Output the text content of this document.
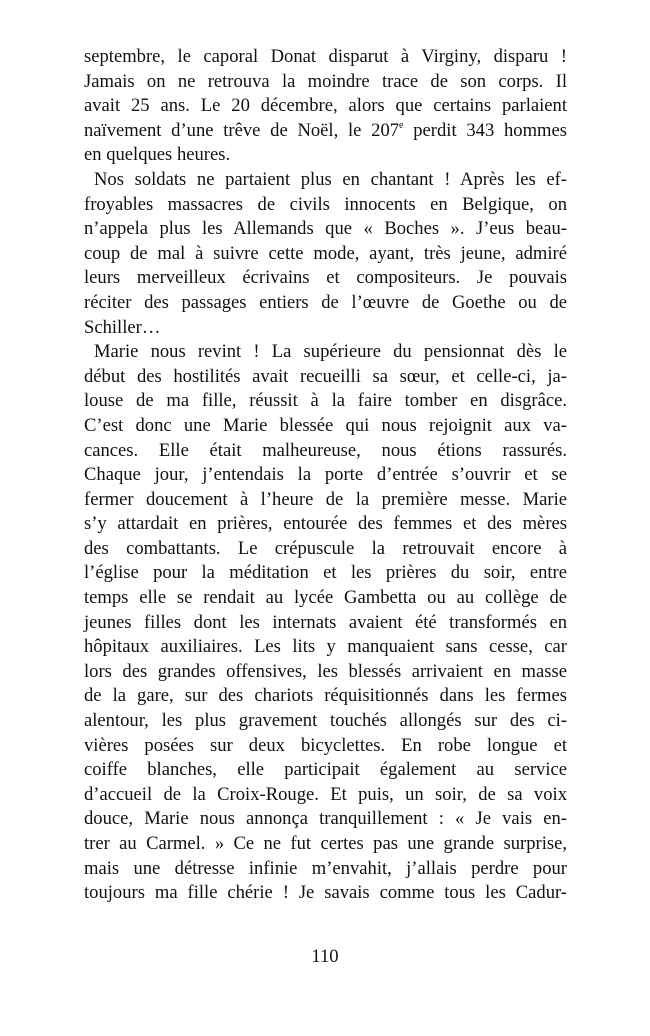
septembre, le caporal Donat disparut à Virginy, disparu !
Jamais on ne retrouva la moindre trace de son corps. Il
avait 25 ans. Le 20 décembre, alors que certains parlaient
naïvement d’une trêve de Noël, le 207e perdit 343 hommes
en quelques heures.
Nos soldats ne partaient plus en chantant ! Après les ef-
froyables massacres de civils innocents en Belgique, on
n’appela plus les Allemands que « Boches ». J’eus beau-
coup de mal à suivre cette mode, ayant, très jeune, admiré
leurs merveilleux écrivains et compositeurs. Je pouvais
réciter des passages entiers de l’œuvre de Goethe ou de
Schiller…
Marie nous revint ! La supérieure du pensionnat dès le
début des hostilités avait recueilli sa sœur, et celle-ci, ja-
louse de ma fille, réussit à la faire tomber en disgrâce.
C’est donc une Marie blessée qui nous rejoignit aux va-
cances. Elle était malheureuse, nous étions rassurés.
Chaque jour, j’entendais la porte d’entrée s’ouvrir et se
fermer doucement à l’heure de la première messe. Marie
s’y attardait en prières, entourée des femmes et des mères
des combattants. Le crépuscule la retrouvait encore à
l’église pour la méditation et les prières du soir, entre
temps elle se rendait au lycée Gambetta ou au collège de
jeunes filles dont les internats avaient été transformés en
hôpitaux auxiliaires. Les lits y manquaient sans cesse, car
lors des grandes offensives, les blessés arrivaient en masse
de la gare, sur des chariots réquisitionnés dans les fermes
alentour, les plus gravement touchés allongés sur des ci-
vières posées sur deux bicyclettes. En robe longue et
coiffe blanches, elle participait également au service
d’accueil de la Croix-Rouge. Et puis, un soir, de sa voix
douce, Marie nous annonça tranquillement : « Je vais en-
trer au Carmel. » Ce ne fut certes pas une grande surprise,
mais une détresse infinie m’envahit, j’allais perdre pour
toujours ma fille chérie ! Je savais comme tous les Cadur-
110
